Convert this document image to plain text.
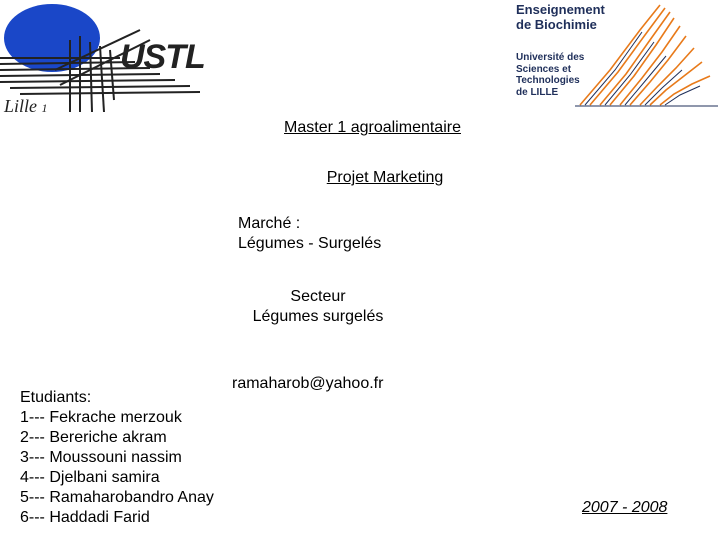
USTL
Lille 1
Enseignement
de Biochimie
Université des
Sciences et
Technologies
de LILLE
Master 1 agroalimentaire
Projet Marketing
Marché :
Légumes - Surgelés
Secteur
Légumes surgelés
ramaharob@yahoo.fr
Etudiants:
1--- Fekrache merzouk
2--- Bereriche akram
3--- Moussouni nassim
4--- Djelbani samira
5--- Ramaharobandro Anay
6--- Haddadi Farid
2007 - 2008
